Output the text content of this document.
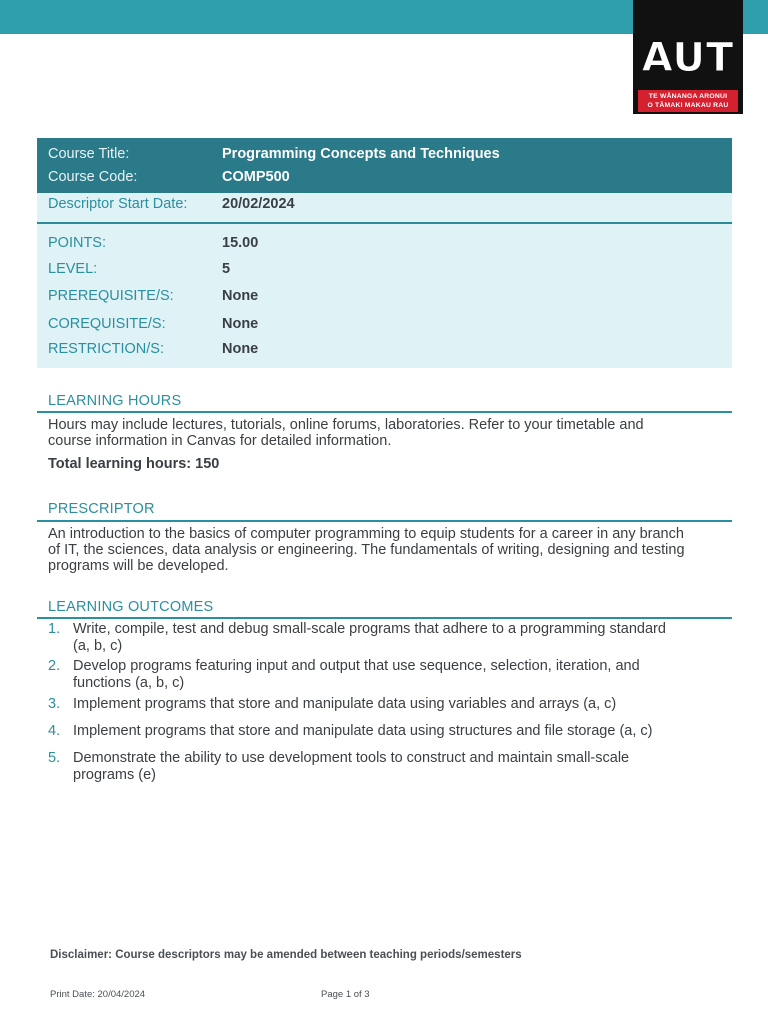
AUT
TE WĀNANGA ARONUI
O TĀMAKI MAKAU RAU
Course Title:	Programming Concepts and Techniques
Course Code:	COMP500
Descriptor Start Date: 20/02/2024
POINTS:	15.00
LEVEL:	5
PREREQUISITE/S:	None
COREQUISITE/S:	None
RESTRICTION/S:	None
LEARNING HOURS
Hours may include lectures, tutorials, online forums, laboratories. Refer to your timetable and
course information in Canvas for detailed information.
Total learning hours: 150
PRESCRIPTOR
An introduction to the basics of computer programming to equip students for a career in any branch
of IT, the sciences, data analysis or engineering. The fundamentals of writing, designing and testing
programs will be developed.
LEARNING OUTCOMES
1. Write, compile, test and debug small-scale programs that adhere to a programming standard
(a, b, c)
2. Develop programs featuring input and output that use sequence, selection, iteration, and
functions (a, b, c)
3. Implement programs that store and manipulate data using variables and arrays (a, c)
4. Implement programs that store and manipulate data using structures and file storage (a, c)
5. Demonstrate the ability to use development tools to construct and maintain small-scale
programs (e)
Disclaimer: Course descriptors may be amended between teaching periods/semesters
Print Date: 20/04/2024	Page 1 of 3
